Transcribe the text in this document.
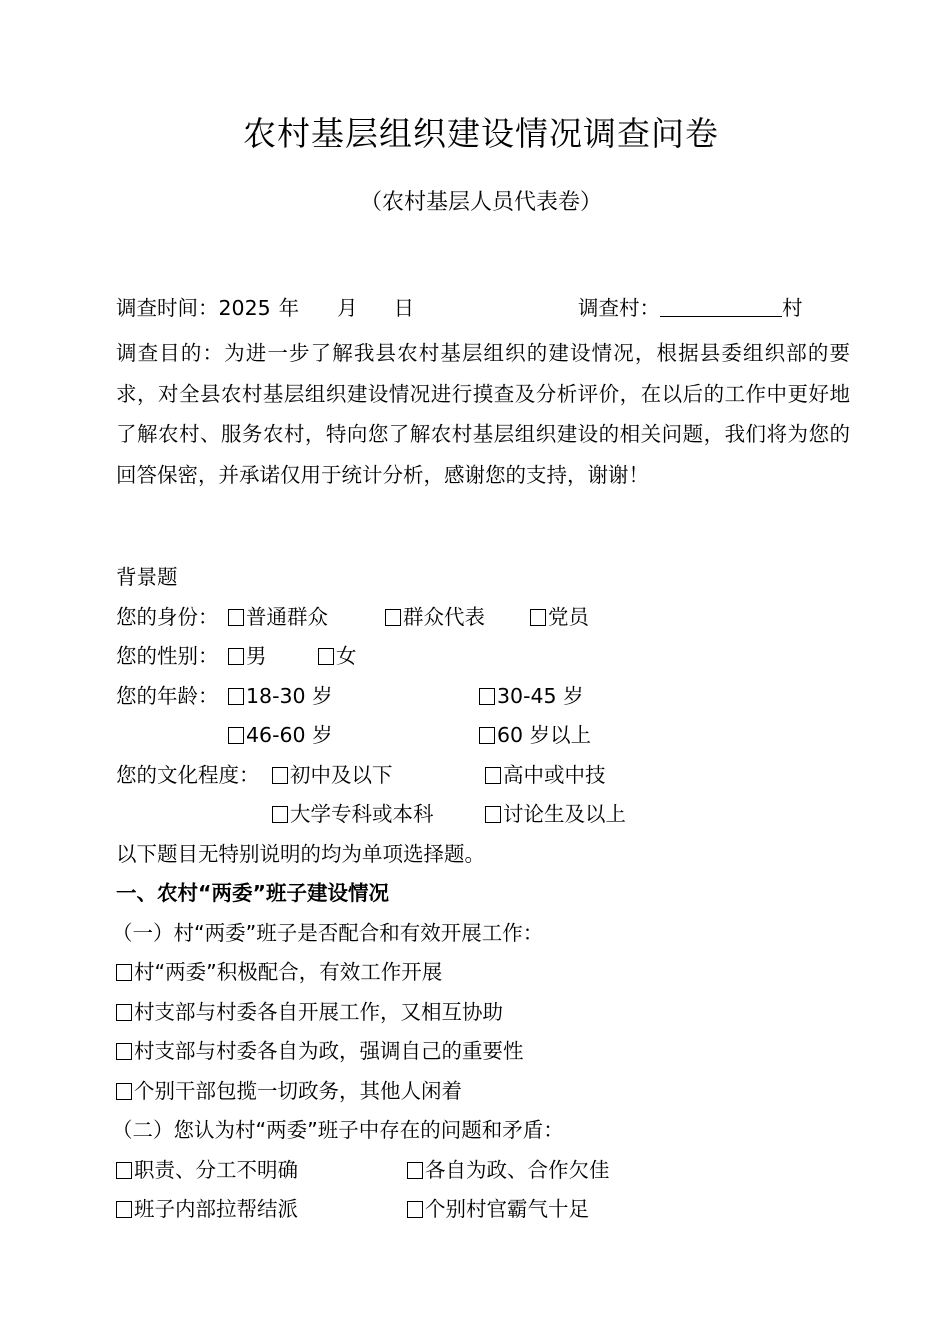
农村基层组织建设情况调查问卷
（农村基层人员代表卷）
调查时间：2025 年 月 日	调查村：	村
调查目的：为进一步了解我县农村基层组织的建设情况，根据县委组织部的要求，对全县农村基层组织建设情况进行摸查及分析评价，在以后的工作中更好地了解农村、服务农村，特向您了解农村基层组织建设的相关问题，我们将为您的回答保密，并承诺仅用于统计分析，感谢您的支持，谢谢！
背景题
您的身份：	普通群众	群众代表	党员
您的性别：	男	女
您的年龄：	18-30 岁	30-45 岁
46-60 岁	60 岁以上
您的文化程度：	初中及以下	高中或中技
大学专科或本科	讨论生及以上
以下题目无特别说明的均为单项选择题。
一、农村“两委”班子建设情况
（一）村“两委”班子是否配合和有效开展工作：
村“两委”积极配合，有效工作开展
村支部与村委各自开展工作，又相互协助
村支部与村委各自为政，强调自己的重要性
个别干部包揽一切政务，其他人闲着
（二）您认为村“两委”班子中存在的问题和矛盾：
职责、分工不明确	各自为政、合作欠佳
班子内部拉帮结派	个别村官霸气十足
